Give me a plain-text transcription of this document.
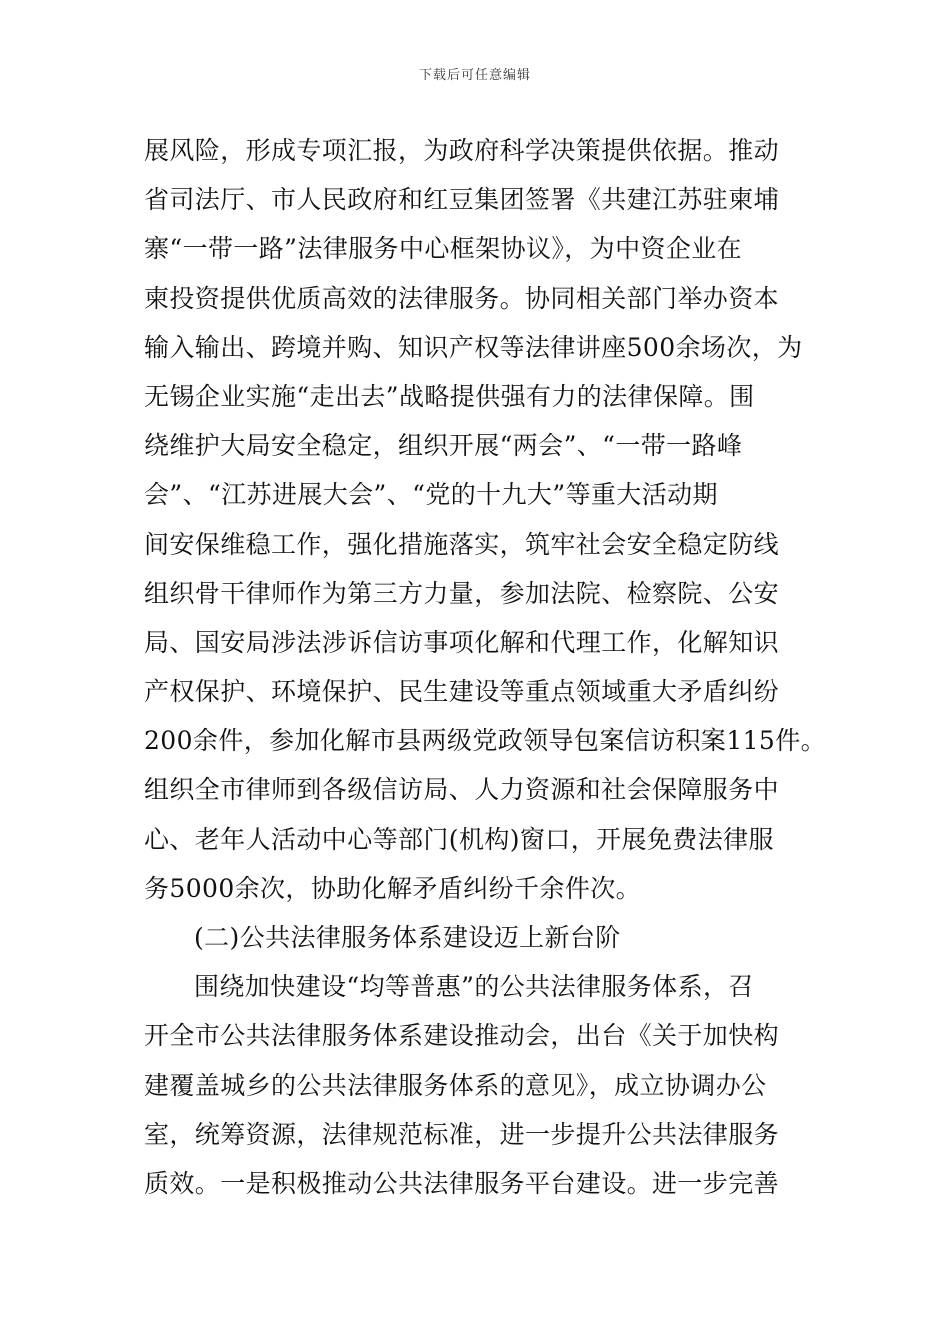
下载后可任意编辑
展风险，形成专项汇报，为政府科学决策提供依据。推动
省司法厅、市人民政府和红豆集团签署《共建江苏驻柬埔
寨“一带一路”法律服务中心框架协议》，为中资企业在
柬投资提供优质高效的法律服务。协同相关部门举办资本
输入输出、跨境并购、知识产权等法律讲座500余场次，为
无锡企业实施“走出去”战略提供强有力的法律保障。围
绕维护大局安全稳定，组织开展“两会”、“一带一路峰
会”、“江苏进展大会”、“党的十九大”等重大活动期
间安保维稳工作，强化措施落实，筑牢社会安全稳定防线
组织骨干律师作为第三方力量，参加法院、检察院、公安
局、国安局涉法涉诉信访事项化解和代理工作，化解知识
产权保护、环境保护、民生建设等重点领域重大矛盾纠纷
200余件，参加化解市县两级党政领导包案信访积案115件。
组织全市律师到各级信访局、人力资源和社会保障服务中
心、老年人活动中心等部门(机构)窗口，开展免费法律服
务5000余次，协助化解矛盾纠纷千余件次。
(二)公共法律服务体系建设迈上新台阶
围绕加快建设“均等普惠”的公共法律服务体系，召
开全市公共法律服务体系建设推动会，出台《关于加快构
建覆盖城乡的公共法律服务体系的意见》，成立协调办公
室，统筹资源，法律规范标准，进一步提升公共法律服务
质效。一是积极推动公共法律服务平台建设。进一步完善
